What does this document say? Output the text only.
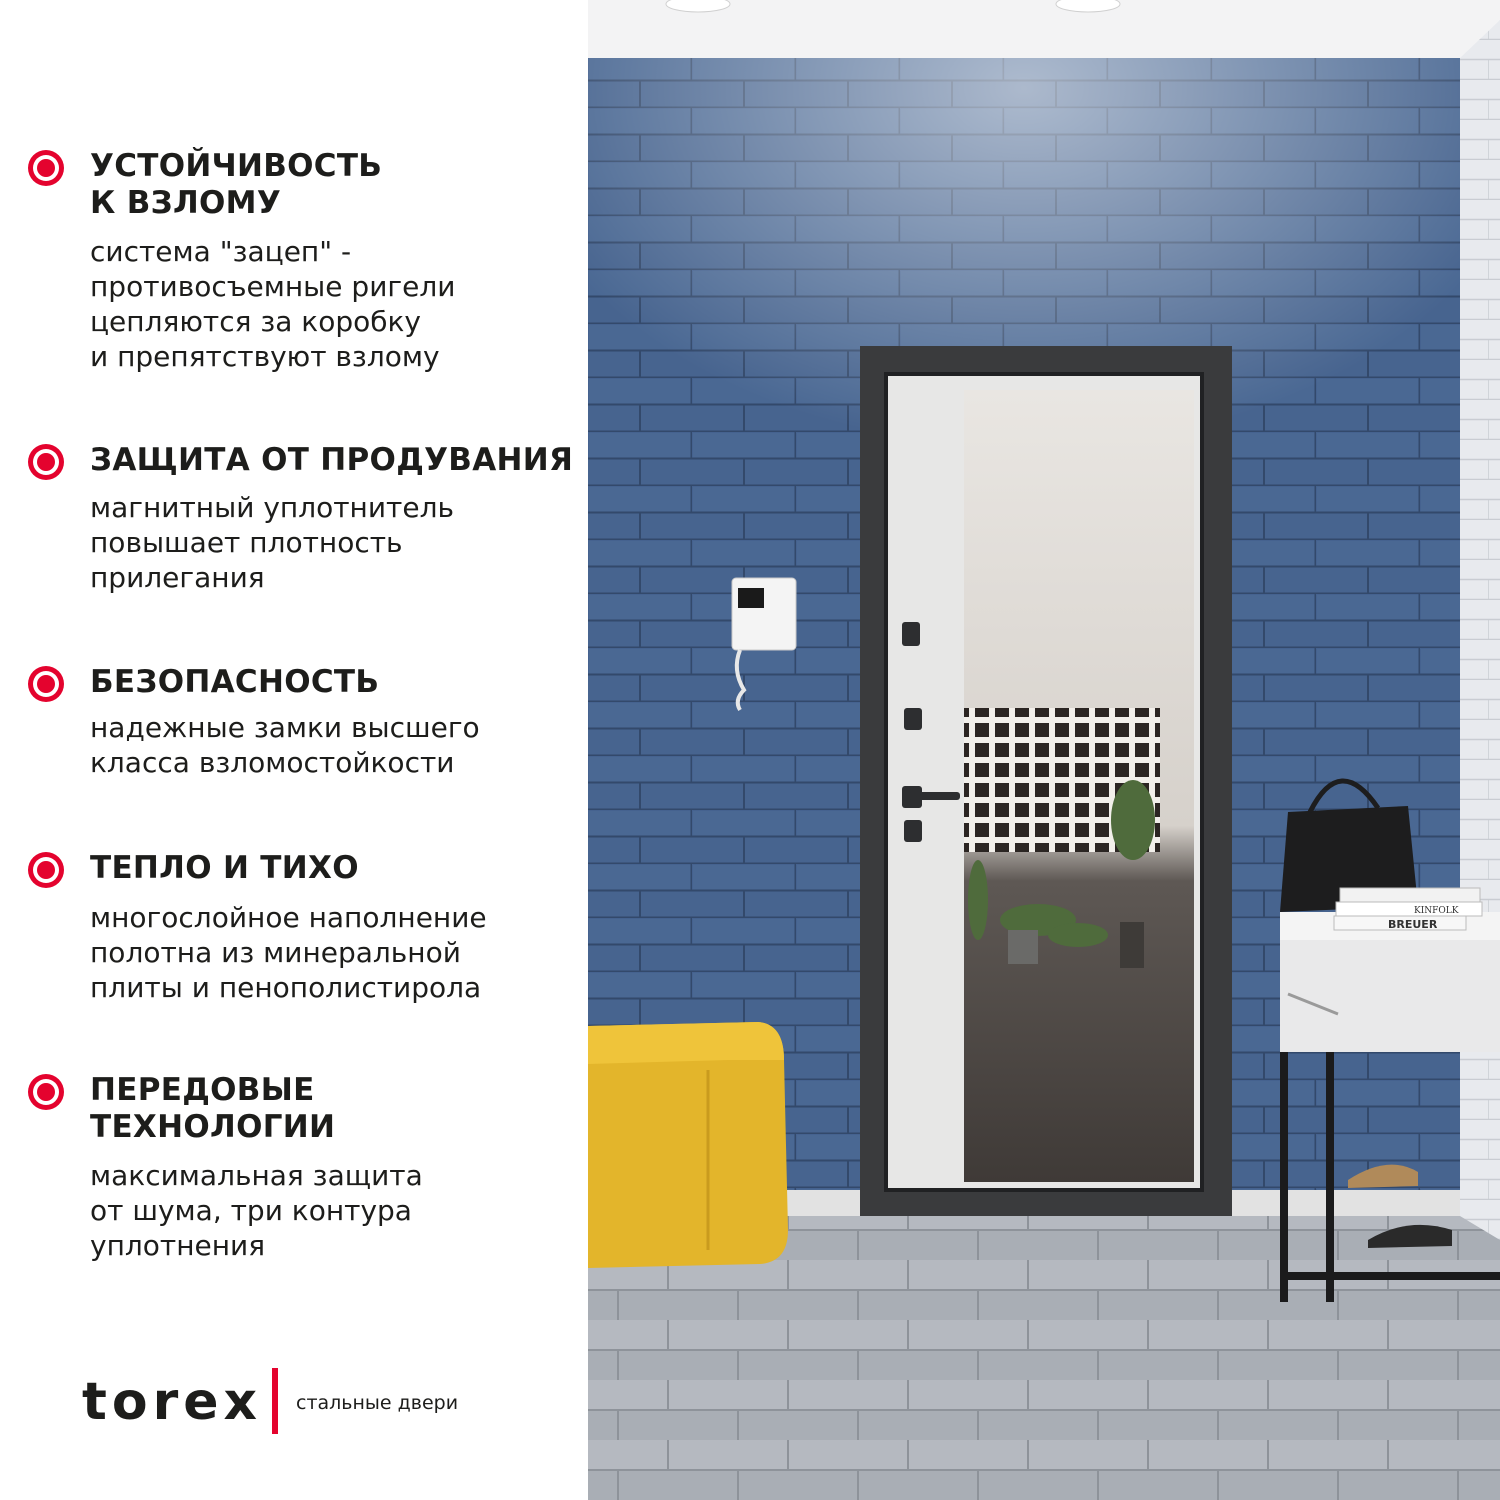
УСТОЙЧИВОСТЬ
К ВЗЛОМУ
система "зацеп" -
противосъемные ригели
цепляются за коробку
и препятствуют взлому
ЗАЩИТА ОТ ПРОДУВАНИЯ
магнитный уплотнитель
повышает плотность
прилегания
БЕЗОПАСНОСТЬ
надежные замки высшего
класса взломостойкости
ТЕПЛО И ТИХО
многослойное наполнение
полотна из минеральной
плиты и пенополистирола
ПЕРЕДОВЫЕ
ТЕХНОЛОГИИ
максимальная защита
от шума, три контура
уплотнения
torex стальные двери
KINFOLK
BREUER
